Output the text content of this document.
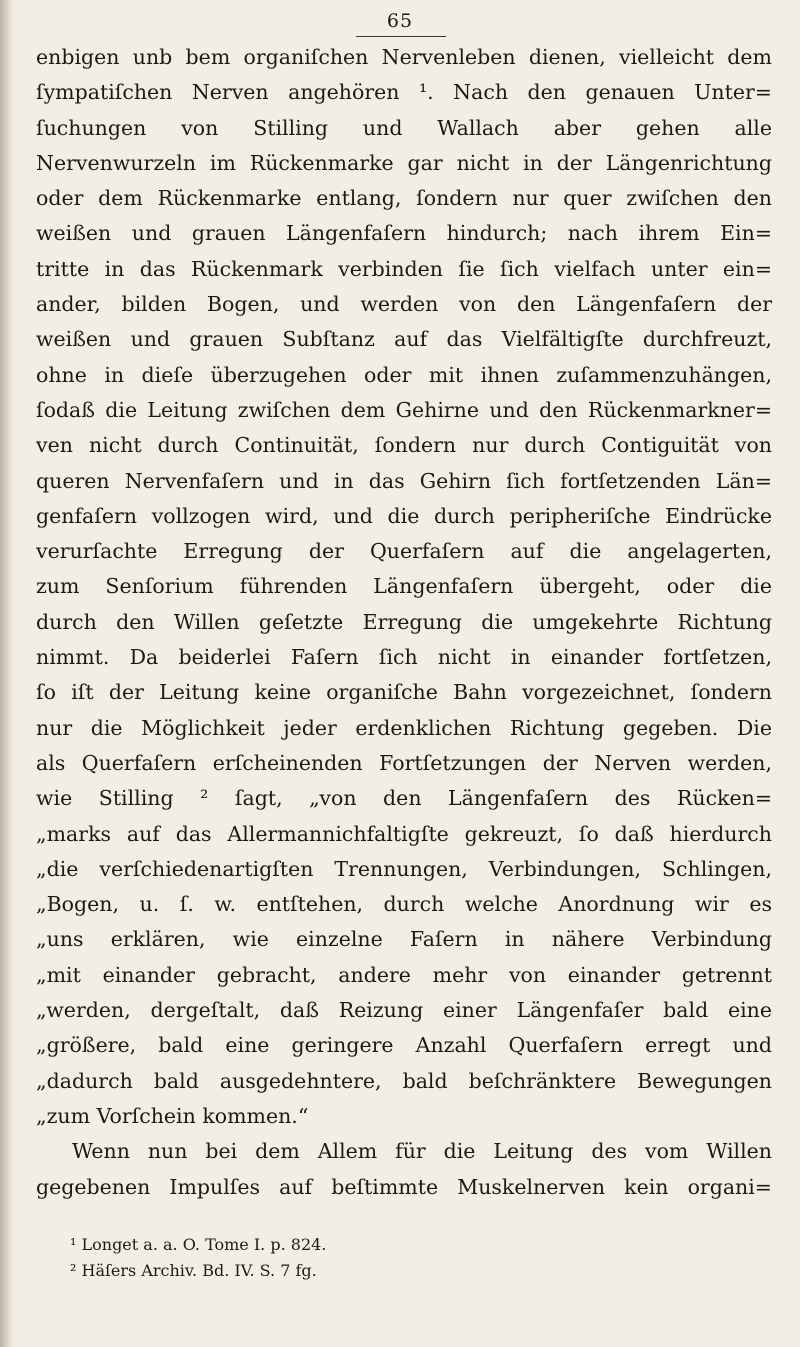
65
enbigen unb bem organiſchen Nervenleben dienen, vielleicht dem
ſympatiſchen Nerven angehören ¹. Nach den genauen Unter=
ſuchungen von Stilling und Wallach aber gehen alle
Nervenwurzeln im Rückenmarke gar nicht in der Längenrichtung
oder dem Rückenmarke entlang, ſondern nur quer zwiſchen den
weißen und grauen Längenfaſern hindurch; nach ihrem Ein=
tritte in das Rückenmark verbinden ſie ſich vielfach unter ein=
ander, bilden Bogen, und werden von den Längenfaſern der
weißen und grauen Subſtanz auf das Vielfältigſte durchfreuzt,
ohne in dieſe überzugehen oder mit ihnen zuſammenzuhängen,
ſodaß die Leitung zwiſchen dem Gehirne und den Rückenmarkner=
ven nicht durch Continuität, ſondern nur durch Contiguität von
queren Nervenfaſern und in das Gehirn ſich fortſetzenden Län=
genfaſern vollzogen wird, und die durch peripheriſche Eindrücke
verurſachte Erregung der Querfaſern auf die angelagerten,
zum Senſorium führenden Längenfaſern übergeht, oder die
durch den Willen geſetzte Erregung die umgekehrte Richtung
nimmt. Da beiderlei Faſern ſich nicht in einander fortſetzen,
ſo iſt der Leitung keine organiſche Bahn vorgezeichnet, ſondern
nur die Möglichkeit jeder erdenklichen Richtung gegeben. Die
als Querfaſern erſcheinenden Fortſetzungen der Nerven werden,
wie Stilling ² ſagt, „von den Längenfaſern des Rücken=
„marks auf das Allermannichfaltigſte gekreuzt, ſo daß hierdurch
„die verſchiedenartigſten Trennungen, Verbindungen, Schlingen,
„Bogen, u. ſ. w. entſtehen, durch welche Anordnung wir es
„uns erklären, wie einzelne Faſern in nähere Verbindung
„mit einander gebracht, andere mehr von einander getrennt
„werden, dergeſtalt, daß Reizung einer Längenfaſer bald eine
„größere, bald eine geringere Anzahl Querfaſern erregt und
„dadurch bald ausgedehntere, bald beſchränktere Bewegungen
„zum Vorſchein kommen.“
Wenn nun bei dem Allem für die Leitung des vom Willen
gegebenen Impulſes auf beſtimmte Muskelnerven kein organi=
¹ Longet a. a. O. Tome I. p. 824.
² Häſers Archiv. Bd. IV. S. 7 fg.
